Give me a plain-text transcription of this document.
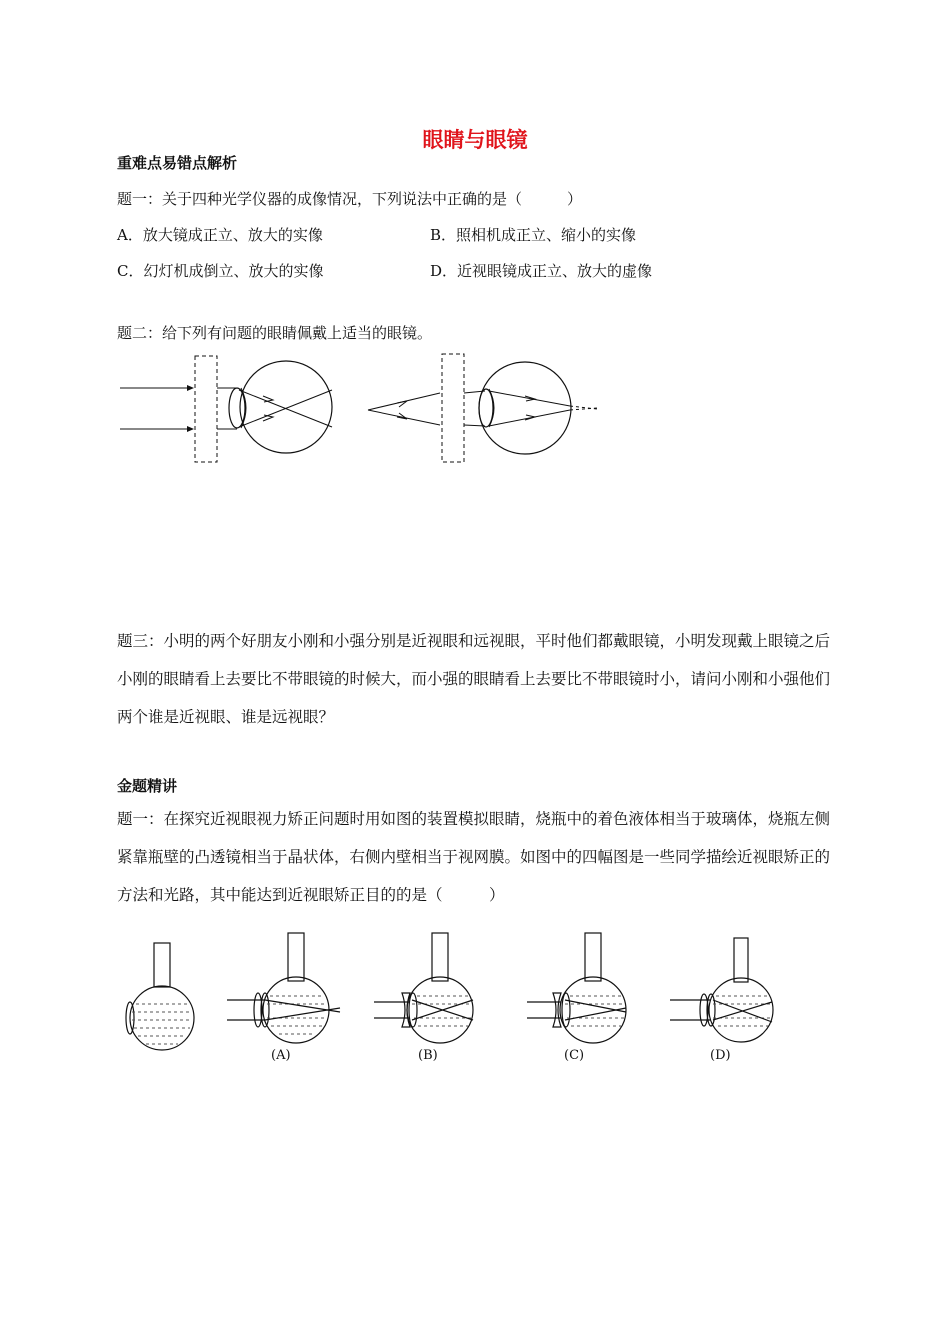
眼睛与眼镜
重难点易错点解析
题一：关于四种光学仪器的成像情况，下列说法中正确的是（　　　）
A．放大镜成正立、放大的实像	B．照相机成正立、缩小的实像
C．幻灯机成倒立、放大的实像	D．近视眼镜成正立、放大的虚像
题二：给下列有问题的眼睛佩戴上适当的眼镜。
题三：小明的两个好朋友小刚和小强分别是近视眼和远视眼，平时他们都戴眼镜，小明发现戴上眼镜之后小刚的眼睛看上去要比不带眼镜的时候大，而小强的眼睛看上去要比不带眼镜时小，请问小刚和小强他们两个谁是近视眼、谁是远视眼？
金题精讲
题一：在探究近视眼视力矫正问题时用如图的装置模拟眼睛，烧瓶中的着色液体相当于玻璃体，烧瓶左侧紧靠瓶壁的凸透镜相当于晶状体，右侧内壁相当于视网膜。如图中的四幅图是一些同学描绘近视眼矫正的方法和光路，其中能达到近视眼矫正目的的是（　　　）
(A)	(B)	(C)	(D)
